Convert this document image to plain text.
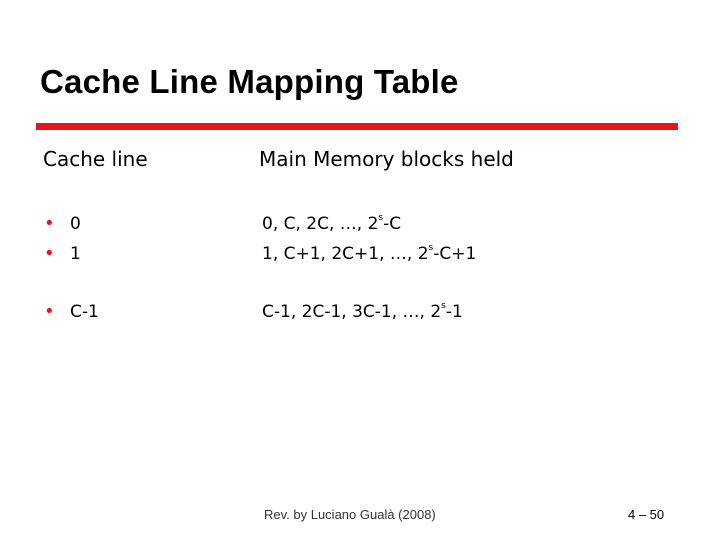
Cache Line Mapping Table
Cache line	Main Memory blocks held
• 0	0, C, 2C, …, 2$^s$-C
• 1	1, C+1, 2C+1, …, $2^s-C+1$
• C-1	C-1, 2C-1, 3C-1, …, 2$^s$-1
Rev. by Luciano Gualà (2008)	4 – 50
